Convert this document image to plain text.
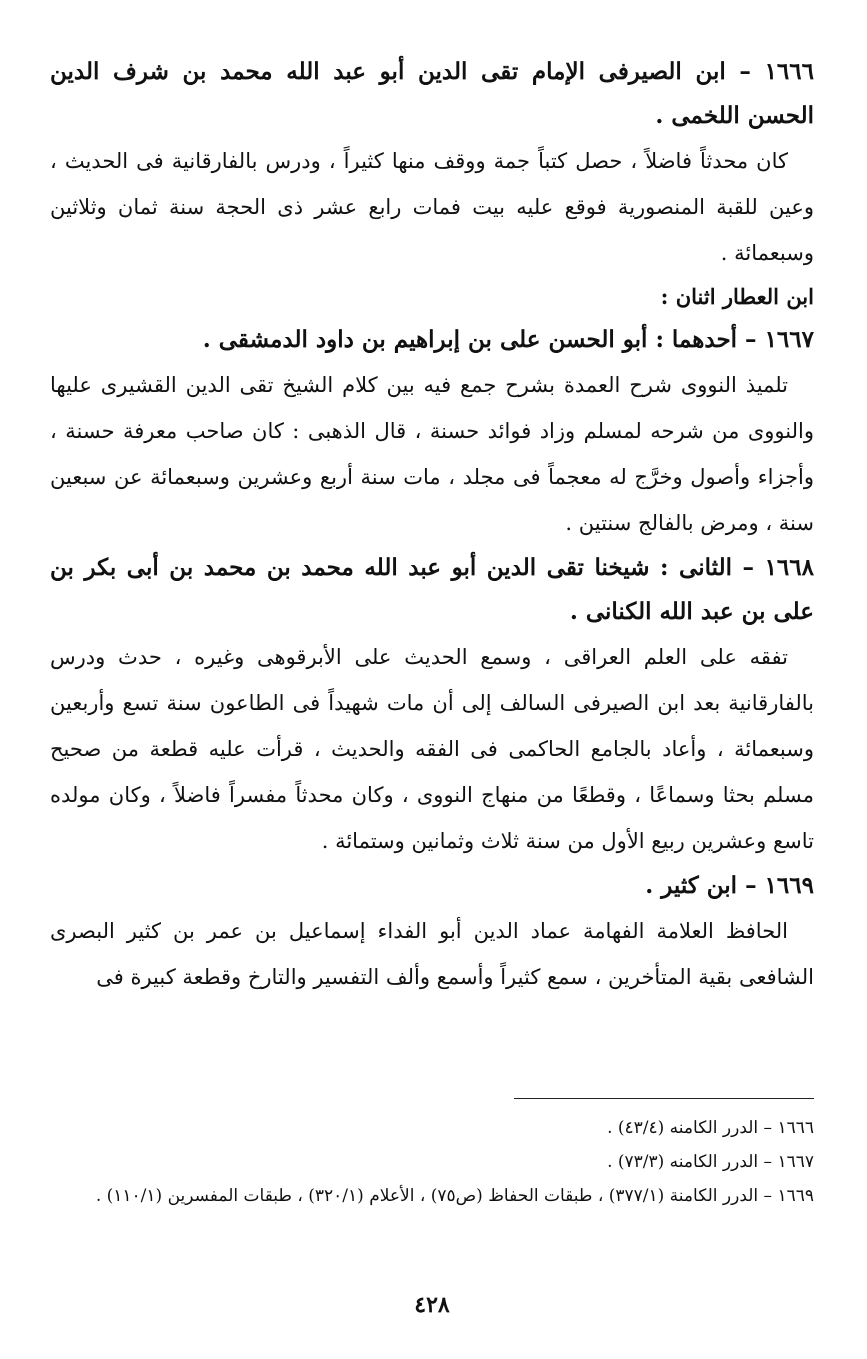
١٦٦٦ – ابن الصيرفى الإمام تقى الدين أبو عبد الله محمد بن شرف الدين الحسن اللخمى .

كان محدثاً فاضلاً ، حصل كتباً جمة ووقف منها كثيراً ، ودرس بالفارقانية فى الحديث ، وعين للقبة المنصورية فوقع عليه بيت فمات رابع عشر ذى الحجة سنة ثمان وثلاثين وسبعمائة .

ابن العطار اثنان :

١٦٦٧ – أحدهما : أبو الحسن على بن إبراهيم بن داود الدمشقى .

تلميذ النووى شرح العمدة بشرح جمع فيه بين كلام الشيخ تقى الدين القشيرى عليها والنووى من شرحه لمسلم وزاد فوائد حسنة ، قال الذهبى : كان صاحب معرفة حسنة ، وأجزاء وأصول وخرَّج له معجماً فى مجلد ، مات سنة أربع وعشرين وسبعمائة عن سبعين سنة ، ومرض بالفالج سنتين .

١٦٦٨ – الثانى : شيخنا تقى الدين أبو عبد الله محمد بن محمد بن أبى بكر بن على بن عبد الله الكنانى .

تفقه على العلم العراقى ، وسمع الحديث على الأبرقوهى وغيره ، حدث ودرس بالفارقانية بعد ابن الصيرفى السالف إلى أن مات شهيداً فى الطاعون سنة تسع وأربعين وسبعمائة ، وأعاد بالجامع الحاكمى فى الفقه والحديث ، قرأت عليه قطعة من صحيح مسلم بحثا وسماعًا ، وقطعًا من منهاج النووى ، وكان محدثاً مفسراً فاضلاً ، وكان مولده تاسع وعشرين ربيع الأول من سنة ثلاث وثمانين وستمائة .

١٦٦٩ – ابن كثير .

الحافظ العلامة الفهامة عماد الدين أبو الفداء إسماعيل بن عمر بن كثير البصرى الشافعى بقية المتأخرين ، سمع كثيراً وأسمع وألف التفسير والتارخ وقطعة كبيرة فى

١٦٦٦ – الدرر الكامنه (٤٣/٤) .

١٦٦٧ – الدرر الكامنه (٧٣/٣) .

١٦٦٩ – الدرر الكامنة (٣٧٧/١) ، طبقات الحفاظ (ص٧٥) ، الأعلام (٣٢٠/١) ، طبقات المفسرين (١١٠/١) .

٤٢٨
